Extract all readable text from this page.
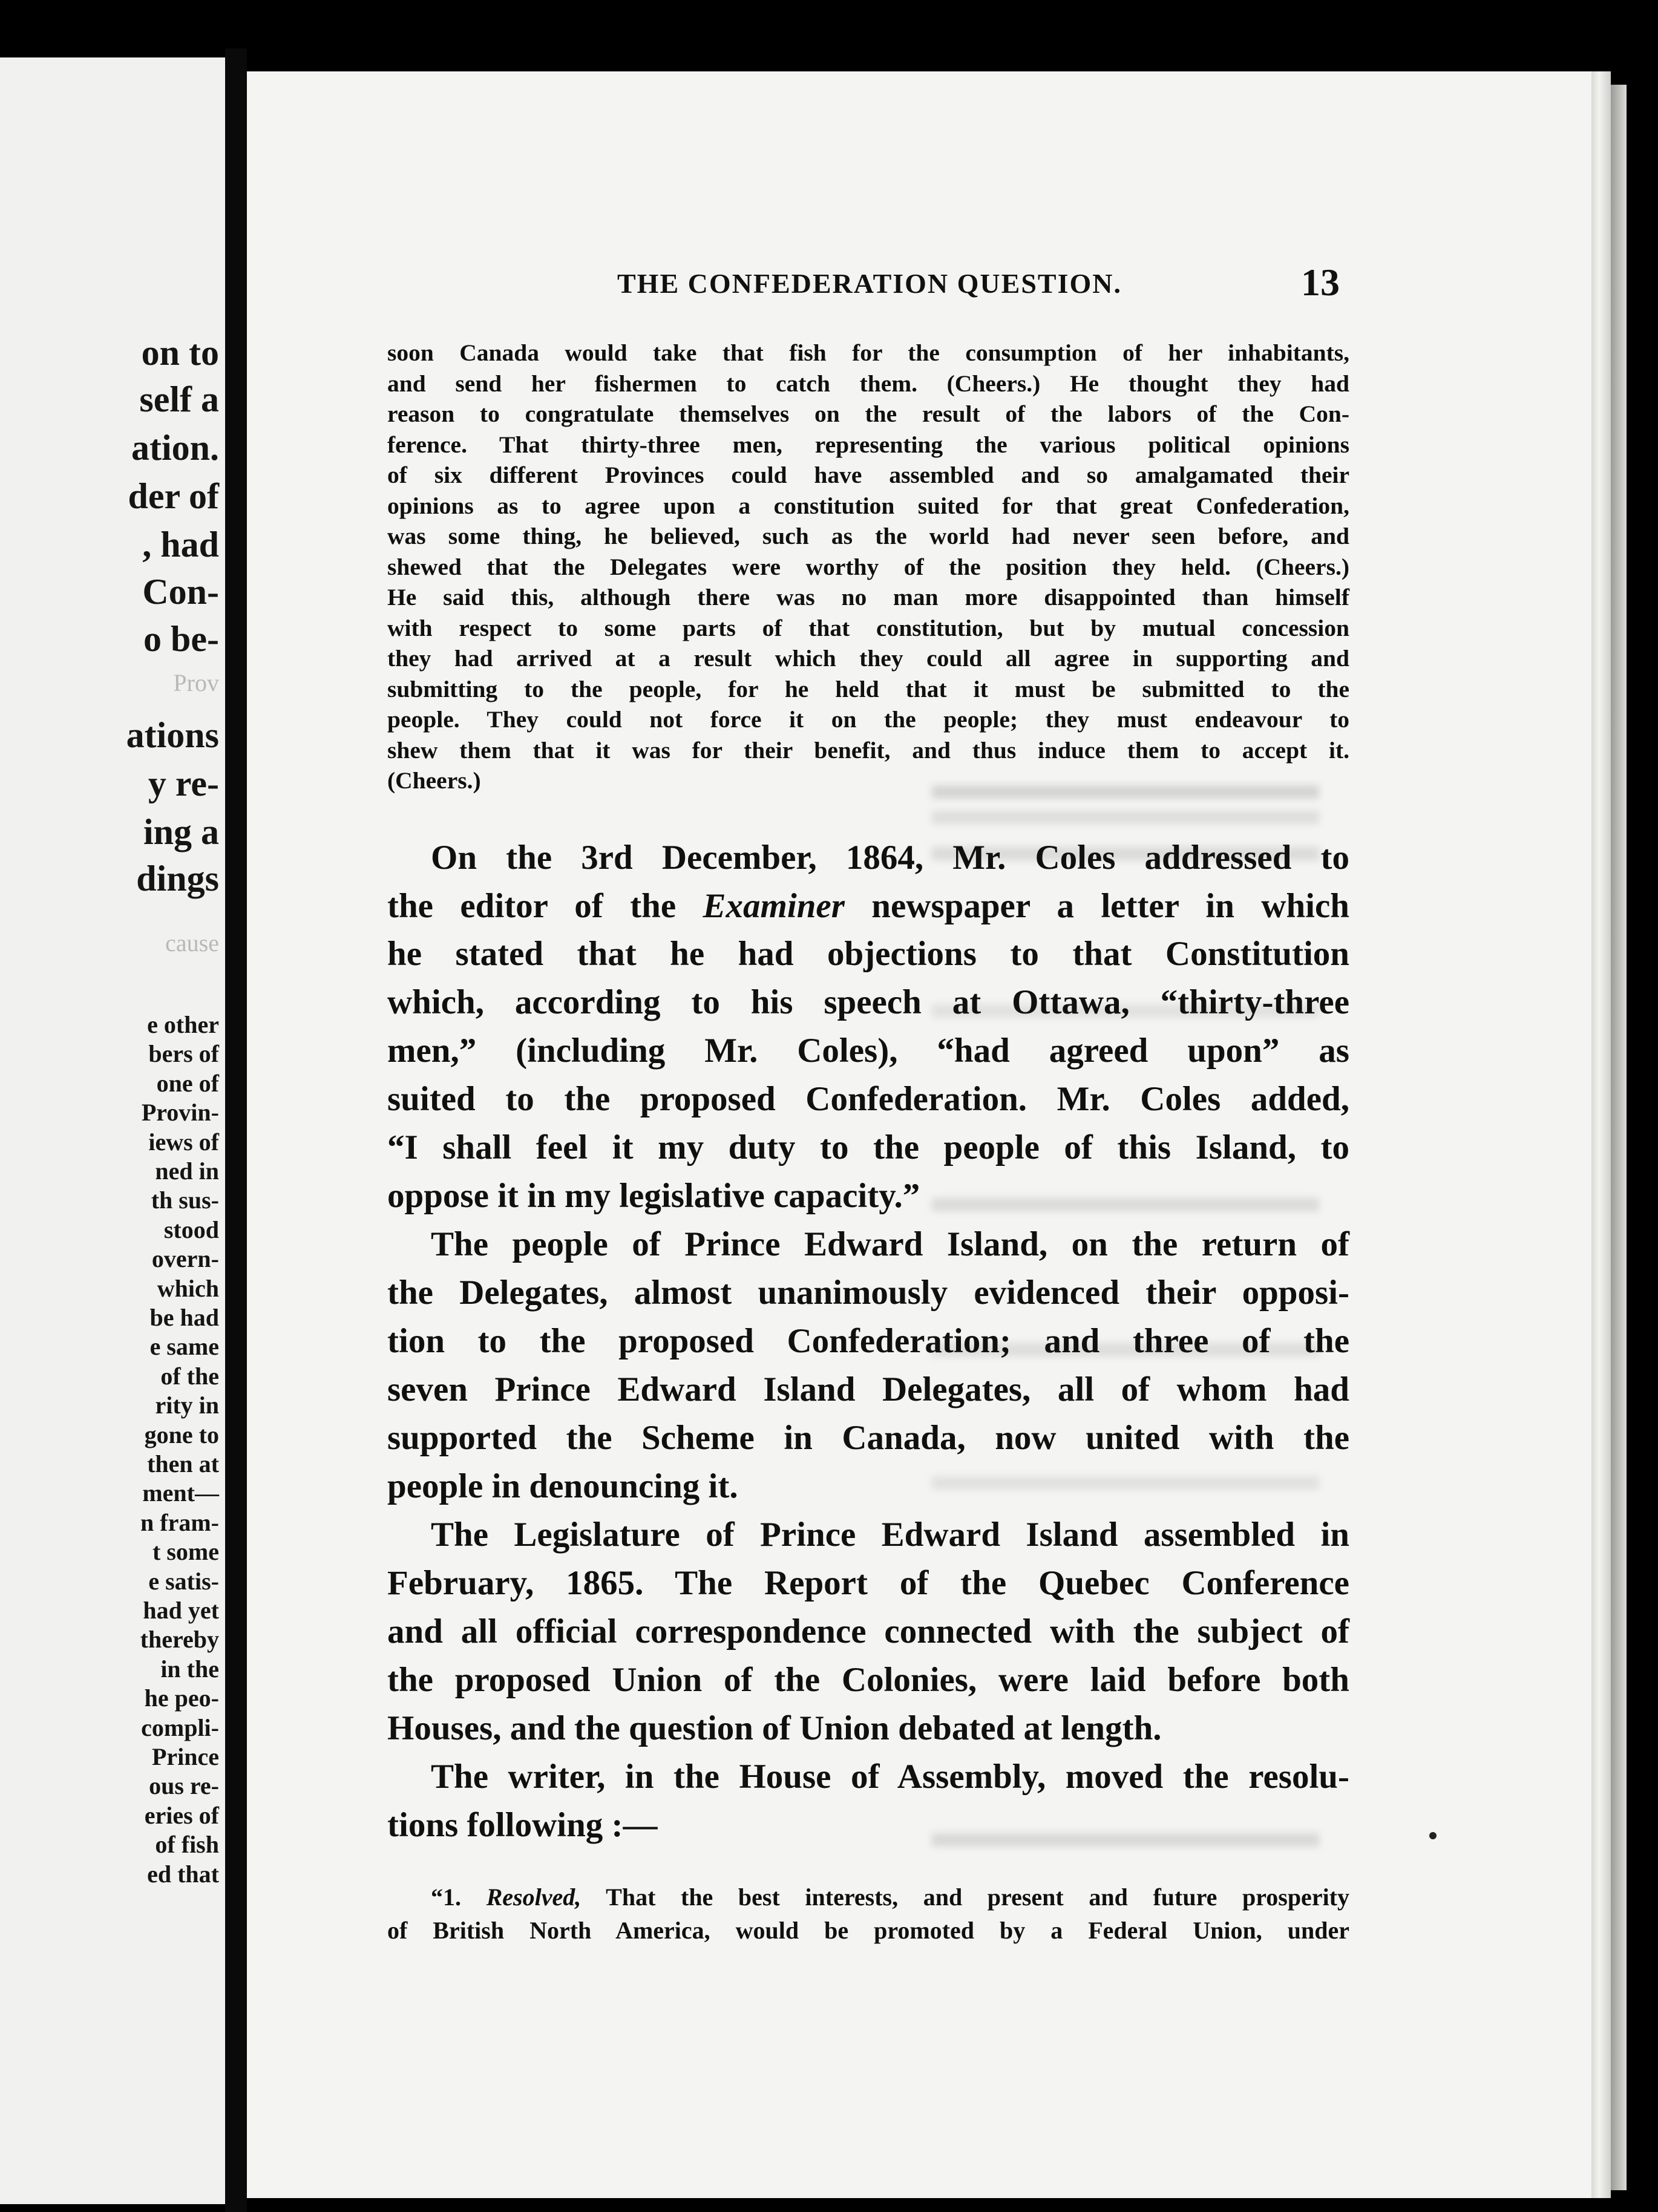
on to
self a
ation.
der of
, had
Con-
o be-
Prov
cause
ations
y re-
ing a
dings
e other
bers of
one of
Provin-
iews of
ned in
th sus-
stood
overn-
which
be had
e same
of the
rity in
gone to
then at
ment—
n fram-
t some
e satis-
had yet
thereby
in the
he peo-
compli-
Prince
ous re-
eries of
of fish
ed that
THE CONFEDERATION QUESTION.	13
soon Canada would take that fish for the consumption of her inhabitants,
and send her fishermen to catch them. (Cheers.) He thought they had
reason to congratulate themselves on the result of the labors of the Con-
ference. That thirty-three men, representing the various political opinions
of six different Provinces could have assembled and so amalgamated their
opinions as to agree upon a constitution suited for that great Confederation,
was some thing, he believed, such as the world had never seen before, and
shewed that the Delegates were worthy of the position they held. (Cheers.)
He said this, although there was no man more disappointed than himself
with respect to some parts of that constitution, but by mutual concession
they had arrived at a result which they could all agree in supporting and
submitting to the people, for he held that it must be submitted to the
people. They could not force it on the people; they must endeavour to
shew them that it was for their benefit, and thus induce them to accept it.
(Cheers.)
On the 3rd December, 1864, Mr. Coles addressed to
the editor of the Examiner newspaper a letter in which
he stated that he had objections to that Constitution
which, according to his speech at Ottawa, “thirty-three
men,” (including Mr. Coles), “had agreed upon” as
suited to the proposed Confederation. Mr. Coles added,
“I shall feel it my duty to the people of this Island, to
oppose it in my legislative capacity.”
The people of Prince Edward Island, on the return of
the Delegates, almost unanimously evidenced their opposi-
tion to the proposed Confederation; and three of the
seven Prince Edward Island Delegates, all of whom had
supported the Scheme in Canada, now united with the
people in denouncing it.
The Legislature of Prince Edward Island assembled in
February, 1865. The Report of the Quebec Conference
and all official correspondence connected with the subject of
the proposed Union of the Colonies, were laid before both
Houses, and the question of Union debated at length.
The writer, in the House of Assembly, moved the resolu-
tions following :—
“1. Resolved, That the best interests, and present and future prosperity
of British North America, would be promoted by a Federal Union, under
